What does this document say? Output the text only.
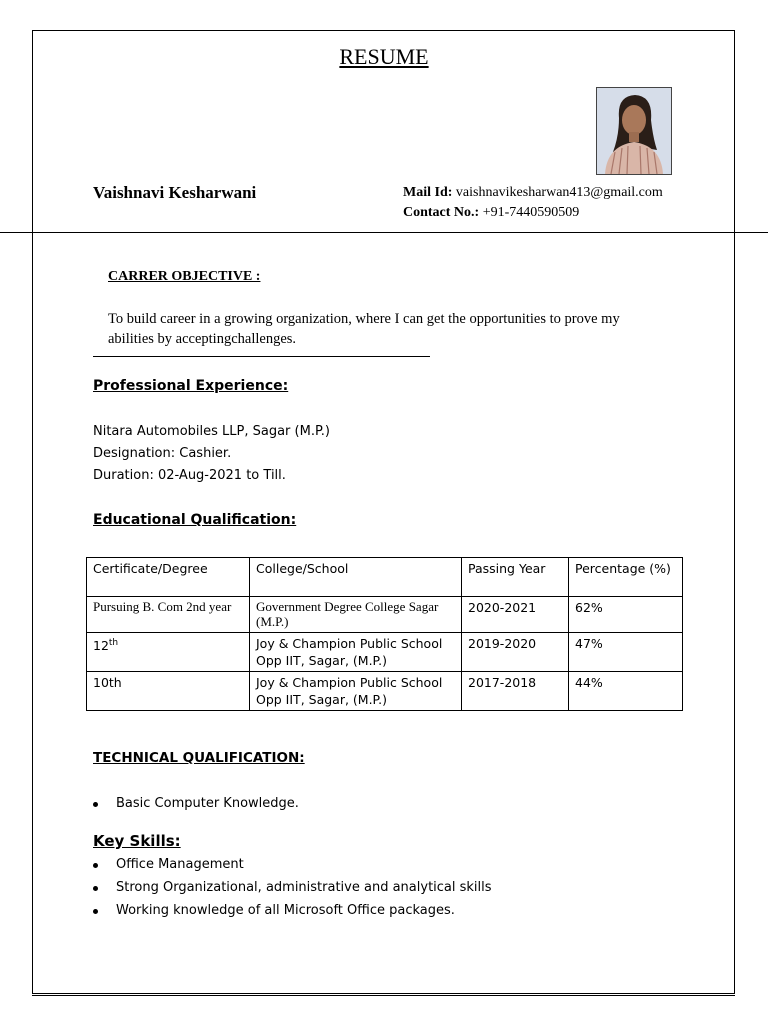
RESUME
Vaishnavi Kesharwani	Mail Id: vaishnavikesharwan413@gmail.com
Contact No.: +91-7440590509
CARRER OBJECTIVE :
To build career in a growing organization, where I can get the opportunities to prove my abilities by acceptingchallenges.
Professional Experience:
Nitara Automobiles LLP, Sagar (M.P.)
Designation: Cashier.
Duration: 02-Aug-2021 to Till.
Educational Qualification:
Certificate/Degree	College/School	Passing Year	Percentage (%)
Pursuing B. Com 2nd year	Government Degree College Sagar (M.P.)	2020-2021	62%
12th	Joy & Champion Public School Opp IIT, Sagar, (M.P.)	2019-2020	47%
10th	Joy & Champion Public School Opp IIT, Sagar, (M.P.)	2017-2018	44%
TECHNICAL QUALIFICATION:
Basic Computer Knowledge.
Key Skills:
Office Management
Strong Organizational, administrative and analytical skills
Working knowledge of all Microsoft Office packages.
